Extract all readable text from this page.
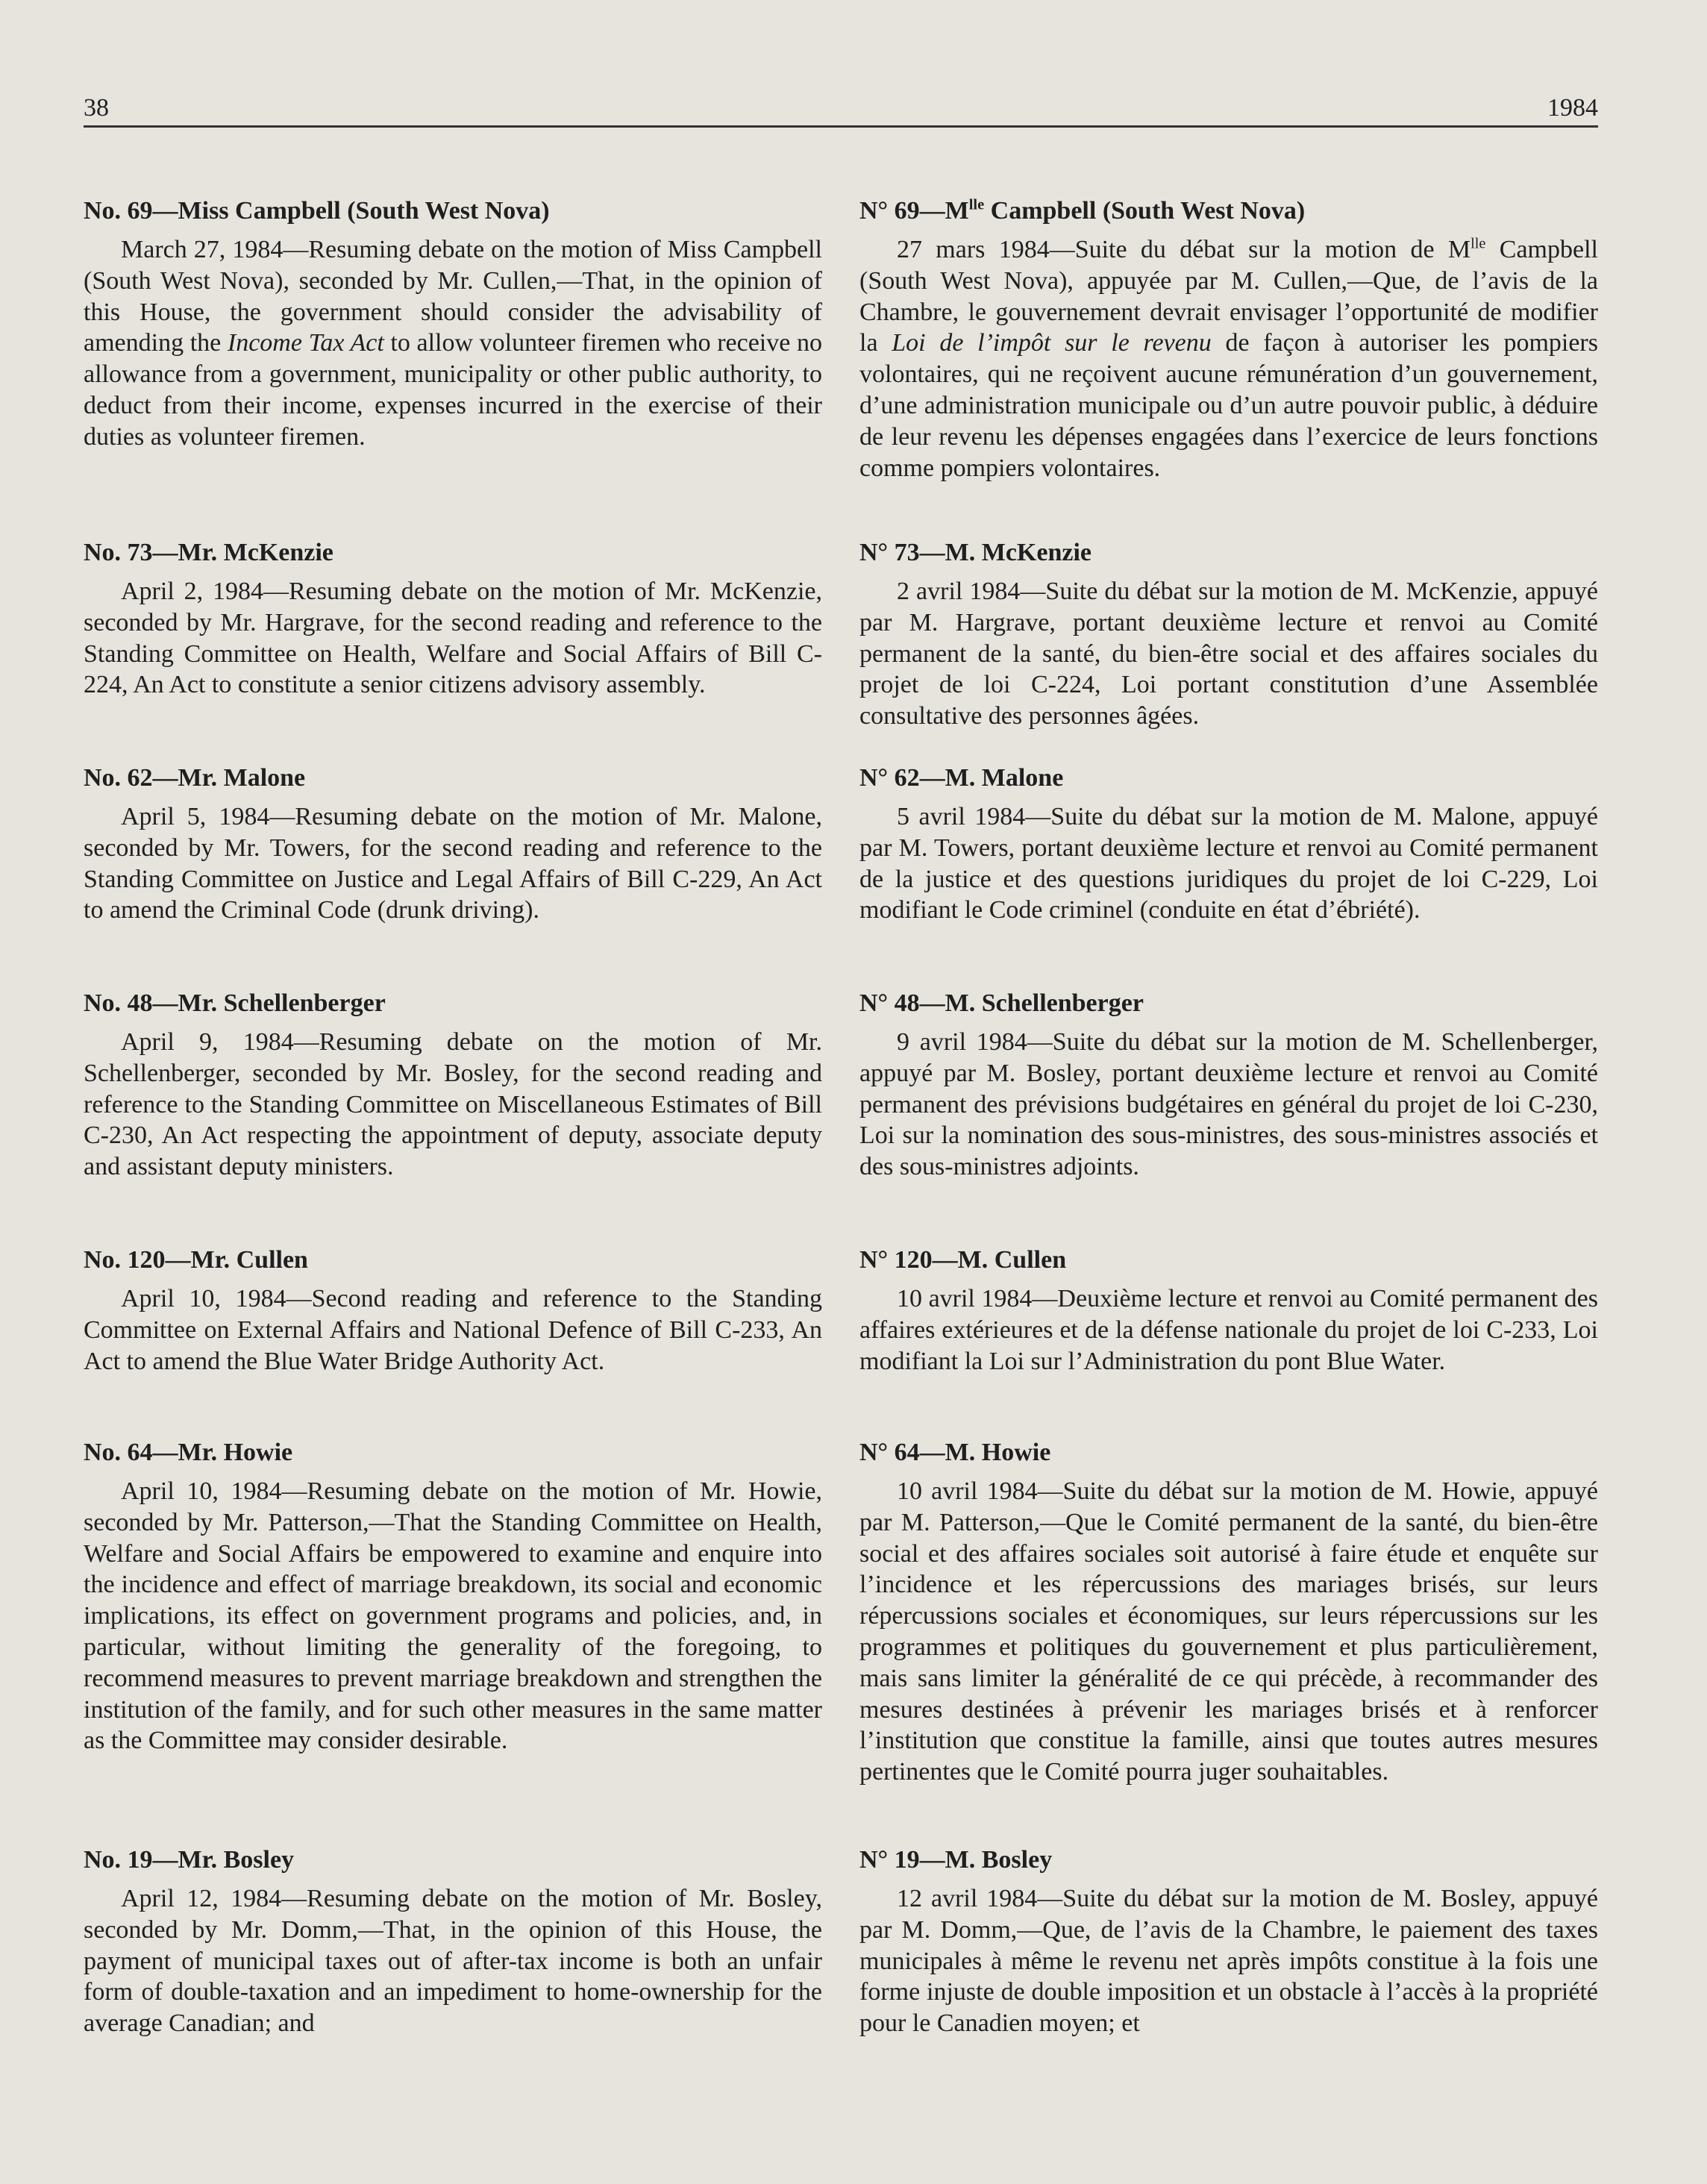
38	1984
No. 69—Miss Campbell (South West Nova)

March 27, 1984—Resuming debate on the motion of Miss Campbell (South West Nova), seconded by Mr. Cullen,—That, in the opinion of this House, the government should consider the advisability of amending the Income Tax Act to allow volunteer firemen who receive no allowance from a government, municipality or other public authority, to deduct from their income, expenses incurred in the exercise of their duties as volunteer firemen.

No. 73—Mr. McKenzie

April 2, 1984—Resuming debate on the motion of Mr. McKenzie, seconded by Mr. Hargrave, for the second reading and reference to the Standing Committee on Health, Welfare and Social Affairs of Bill C-224, An Act to constitute a senior citizens advisory assembly.

No. 62—Mr. Malone

April 5, 1984—Resuming debate on the motion of Mr. Malone, seconded by Mr. Towers, for the second reading and reference to the Standing Committee on Justice and Legal Affairs of Bill C-229, An Act to amend the Criminal Code (drunk driving).

No. 48—Mr. Schellenberger

April 9, 1984—Resuming debate on the motion of Mr. Schellenberger, seconded by Mr. Bosley, for the second reading and reference to the Standing Committee on Miscellaneous Estimates of Bill C-230, An Act respecting the appointment of deputy, associate deputy and assistant deputy ministers.

No. 120—Mr. Cullen

April 10, 1984—Second reading and reference to the Standing Committee on External Affairs and National Defence of Bill C-233, An Act to amend the Blue Water Bridge Authority Act.

No. 64—Mr. Howie

April 10, 1984—Resuming debate on the motion of Mr. Howie, seconded by Mr. Patterson,—That the Standing Committee on Health, Welfare and Social Affairs be empowered to examine and enquire into the incidence and effect of marriage breakdown, its social and economic implications, its effect on government programs and policies, and, in particular, without limiting the generality of the foregoing, to recommend measures to prevent marriage breakdown and strengthen the institution of the family, and for such other measures in the same matter as the Committee may consider desirable.

No. 19—Mr. Bosley

April 12, 1984—Resuming debate on the motion of Mr. Bosley, seconded by Mr. Domm,—That, in the opinion of this House, the payment of municipal taxes out of after-tax income is both an unfair form of double-taxation and an impediment to home-ownership for the average Canadian; and

N° $69—M^{lle}$ Campbell (South West Nova)

27 mars 1984—Suite du débat sur la motion de $M^{lle}$ Campbell (South West Nova), appuyée par M. Cullen,—Que, de l’avis de la Chambre, le gouvernement devrait envisager l’opportunité de modifier la Loi de l’impôt sur le revenu de façon à autoriser les pompiers volontaires, qui ne reçoivent aucune rémunération d’un gouvernement, d’une administration municipale ou d’un autre pouvoir public, à déduire de leur revenu les dépenses engagées dans l’exercice de leurs fonctions comme pompiers volontaires.

N° 73—M. McKenzie

2 avril 1984—Suite du débat sur la motion de M. McKenzie, appuyé par M. Hargrave, portant deuxième lecture et renvoi au Comité permanent de la santé, du bien-être social et des affaires sociales du projet de loi C-224, Loi portant constitution d’une Assemblée consultative des personnes âgées.

N° 62—M. Malone

5 avril 1984—Suite du débat sur la motion de M. Malone, appuyé par M. Towers, portant deuxième lecture et renvoi au Comité permanent de la justice et des questions juridiques du projet de loi C-229, Loi modifiant le Code criminel (conduite en état d’ébriété).

N° 48—M. Schellenberger

9 avril 1984—Suite du débat sur la motion de M. Schellenberger, appuyé par M. Bosley, portant deuxième lecture et renvoi au Comité permanent des prévisions budgétaires en général du projet de loi C-230, Loi sur la nomination des sous-ministres, des sous-ministres associés et des sous-ministres adjoints.

N° 120—M. Cullen

10 avril 1984—Deuxième lecture et renvoi au Comité permanent des affaires extérieures et de la défense nationale du projet de loi C-233, Loi modifiant la Loi sur l’Administration du pont Blue Water.

N° 64—M. Howie

10 avril 1984—Suite du débat sur la motion de M. Howie, appuyé par M. Patterson,—Que le Comité permanent de la santé, du bien-être social et des affaires sociales soit autorisé à faire étude et enquête sur l’incidence et les répercussions des mariages brisés, sur leurs répercussions sociales et économiques, sur leurs répercussions sur les programmes et politiques du gouvernement et plus particulièrement, mais sans limiter la généralité de ce qui précède, à recommander des mesures destinées à prévenir les mariages brisés et à renforcer l’institution que constitue la famille, ainsi que toutes autres mesures pertinentes que le Comité pourra juger souhaitables.

N° 19—M. Bosley

12 avril 1984—Suite du débat sur la motion de M. Bosley, appuyé par M. Domm,—Que, de l’avis de la Chambre, le paiement des taxes municipales à même le revenu net après impôts constitue à la fois une forme injuste de double imposition et un obstacle à l’accès à la propriété pour le Canadien moyen; et
